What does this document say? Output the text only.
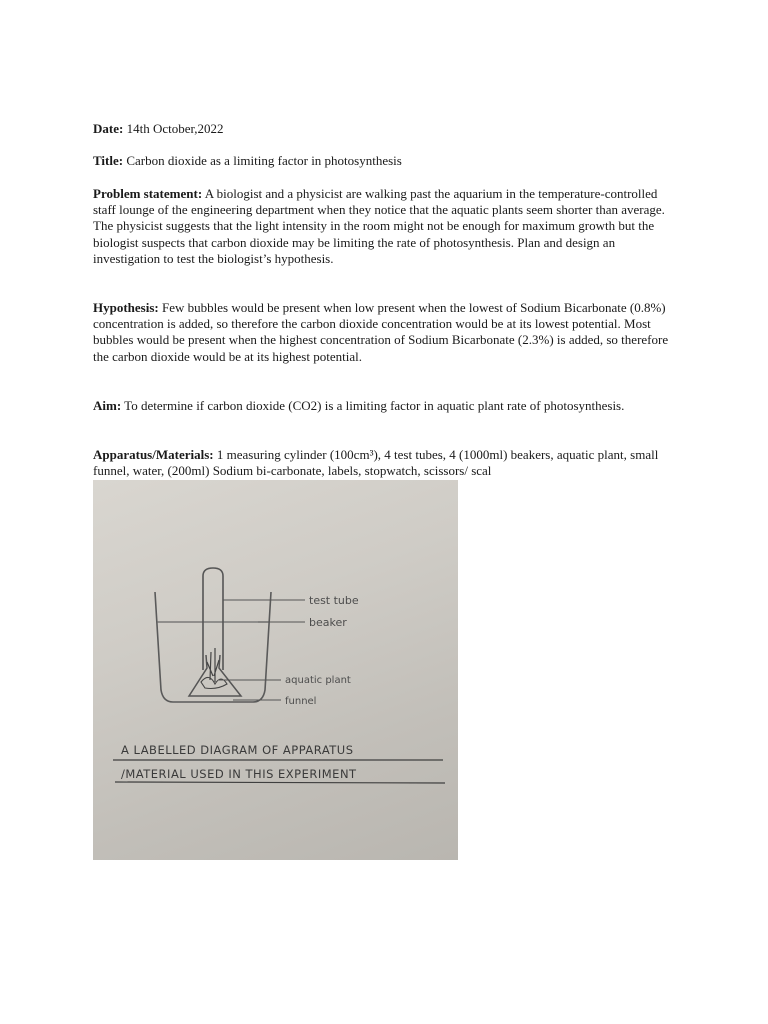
Date: 14th October,2022

Title: Carbon dioxide as a limiting factor in photosynthesis

Problem statement: A biologist and a physicist are walking past the aquarium in the temperature-controlled staff lounge of the engineering department when they notice that the aquatic plants seem shorter than average. The physicist suggests that the light intensity in the room might not be enough for maximum growth but the biologist suspects that carbon dioxide may be limiting the rate of photosynthesis. Plan and design an investigation to test the biologist’s hypothesis.

Hypothesis: Few bubbles would be present when low present when the lowest of Sodium Bicarbonate (0.8%) concentration is added, so therefore the carbon dioxide concentration would be at its lowest potential. Most bubbles would be present when the highest concentration of Sodium Bicarbonate (2.3%) is added, so therefore the carbon dioxide would be at its highest potential.

Aim: To determine if carbon dioxide (CO2) is a limiting factor in aquatic plant rate of photosynthesis.

Apparatus/Materials: 1 measuring cylinder (100cm³), 4 test tubes, 4 (1000ml) beakers, aquatic plant, small funnel, water, (200ml) Sodium bi-carbonate, labels, stopwatch, scissors/ scal

test tube
beaker
aquatic plant
funnel
A LABELLED DIAGRAM OF APPARATUS
/MATERIAL USED IN THIS EXPERIMENT
